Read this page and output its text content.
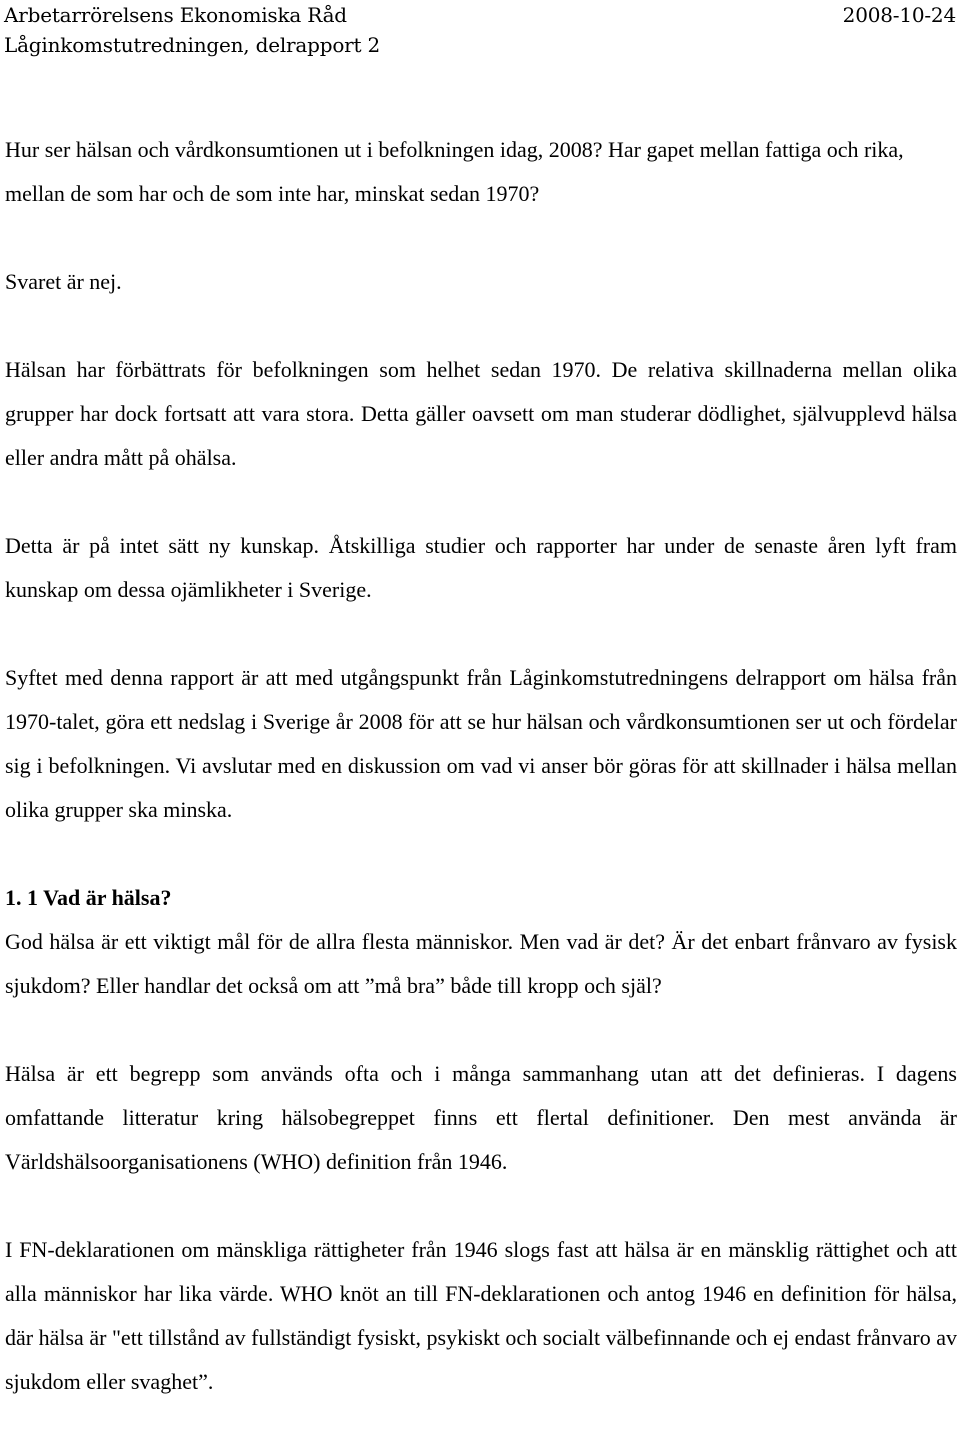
Arbetarrörelsens Ekonomiska Råd	2008-10-24
Låginkomstutredningen, delrapport 2

Hur ser hälsan och vårdkonsumtionen ut i befolkningen idag, 2008? Har gapet mellan fattiga och rika, mellan de som har och de som inte har, minskat sedan 1970?

Svaret är nej.

Hälsan har förbättrats för befolkningen som helhet sedan 1970. De relativa skillnaderna mellan olika grupper har dock fortsatt att vara stora. Detta gäller oavsett om man studerar dödlighet, självupplevd hälsa eller andra mått på ohälsa.

Detta är på intet sätt ny kunskap. Åtskilliga studier och rapporter har under de senaste åren lyft fram kunskap om dessa ojämlikheter i Sverige.

Syftet med denna rapport är att med utgångspunkt från Låginkomstutredningens delrapport om hälsa från 1970-talet, göra ett nedslag i Sverige år 2008 för att se hur hälsan och vårdkonsumtionen ser ut och fördelar sig i befolkningen. Vi avslutar med en diskussion om vad vi anser bör göras för att skillnader i hälsa mellan olika grupper ska minska.

1. 1 Vad är hälsa?

God hälsa är ett viktigt mål för de allra flesta människor. Men vad är det? Är det enbart frånvaro av fysisk sjukdom? Eller handlar det också om att ”må bra” både till kropp och själ?

Hälsa är ett begrepp som används ofta och i många sammanhang utan att det definieras. I dagens omfattande litteratur kring hälsobegreppet finns ett flertal definitioner. Den mest använda är Världshälsoorganisationens (WHO) definition från 1946.

I FN-deklarationen om mänskliga rättigheter från 1946 slogs fast att hälsa är en mänsklig rättighet och att alla människor har lika värde. WHO knöt an till FN-deklarationen och antog 1946 en definition för hälsa, där hälsa är "ett tillstånd av fullständigt fysiskt, psykiskt och socialt välbefinnande och ej endast frånvaro av sjukdom eller svaghet”.
